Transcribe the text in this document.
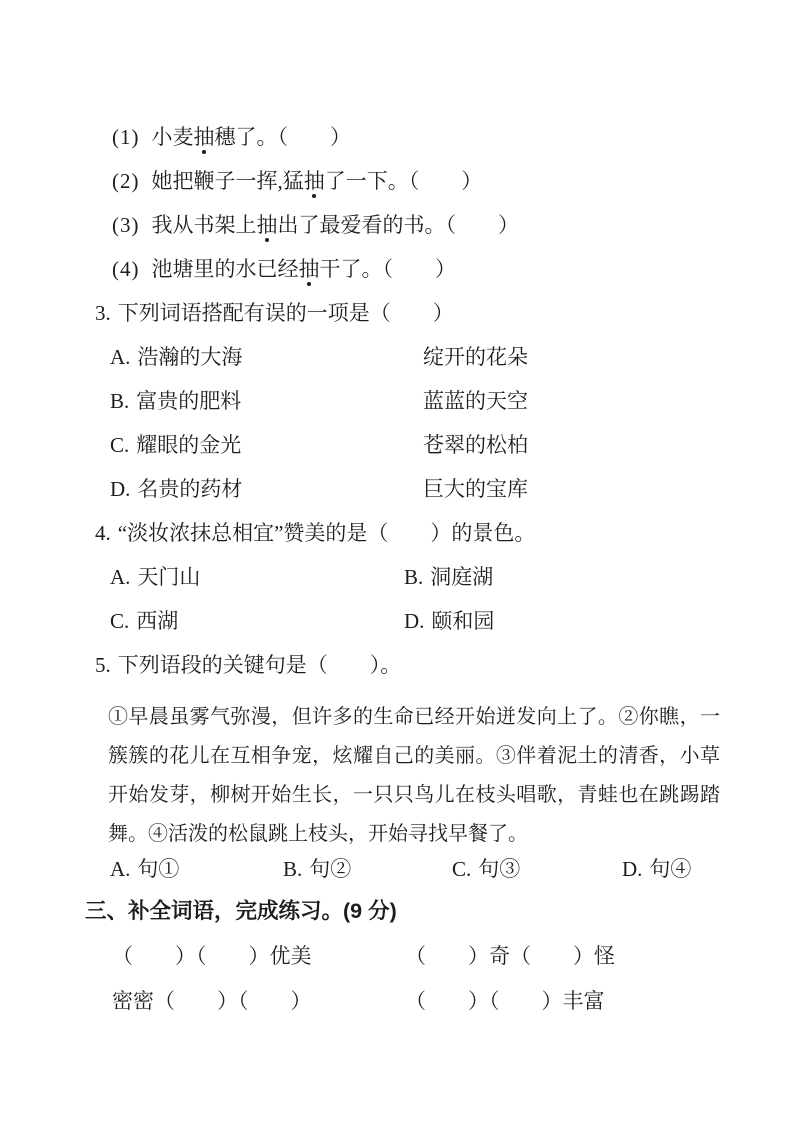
(1) 小麦抽穗了。（　　）
(2) 她把鞭子一挥,猛抽了一下。（　　）
(3) 我从书架上抽出了最爱看的书。（　　）
(4) 池塘里的水已经抽干了。（　　）
3. 下列词语搭配有误的一项是（　　）
A. 浩瀚的大海	绽开的花朵
B. 富贵的肥料	蓝蓝的天空
C. 耀眼的金光	苍翠的松柏
D. 名贵的药材	巨大的宝库
4. “淡妆浓抹总相宜”赞美的是（　　）的景色。
A. 天门山	B. 洞庭湖
C. 西湖	D. 颐和园
5. 下列语段的关键句是（　　）。
①早晨虽雾气弥漫，但许多的生命已经开始迸发向上了。②你瞧，一簇簇的花儿在互相争宠，炫耀自己的美丽。③伴着泥土的清香，小草开始发芽，柳树开始生长，一只只鸟儿在枝头唱歌，青蛙也在跳踢踏舞。④活泼的松鼠跳上枝头，开始寻找早餐了。
A. 句①	B. 句②	C. 句③	D. 句④
三、补全词语，完成练习。(9 分)
（　　）（　　）优美	（　　）奇（　　）怪
密密（　　）（　　）	（　　）（　　）丰富
